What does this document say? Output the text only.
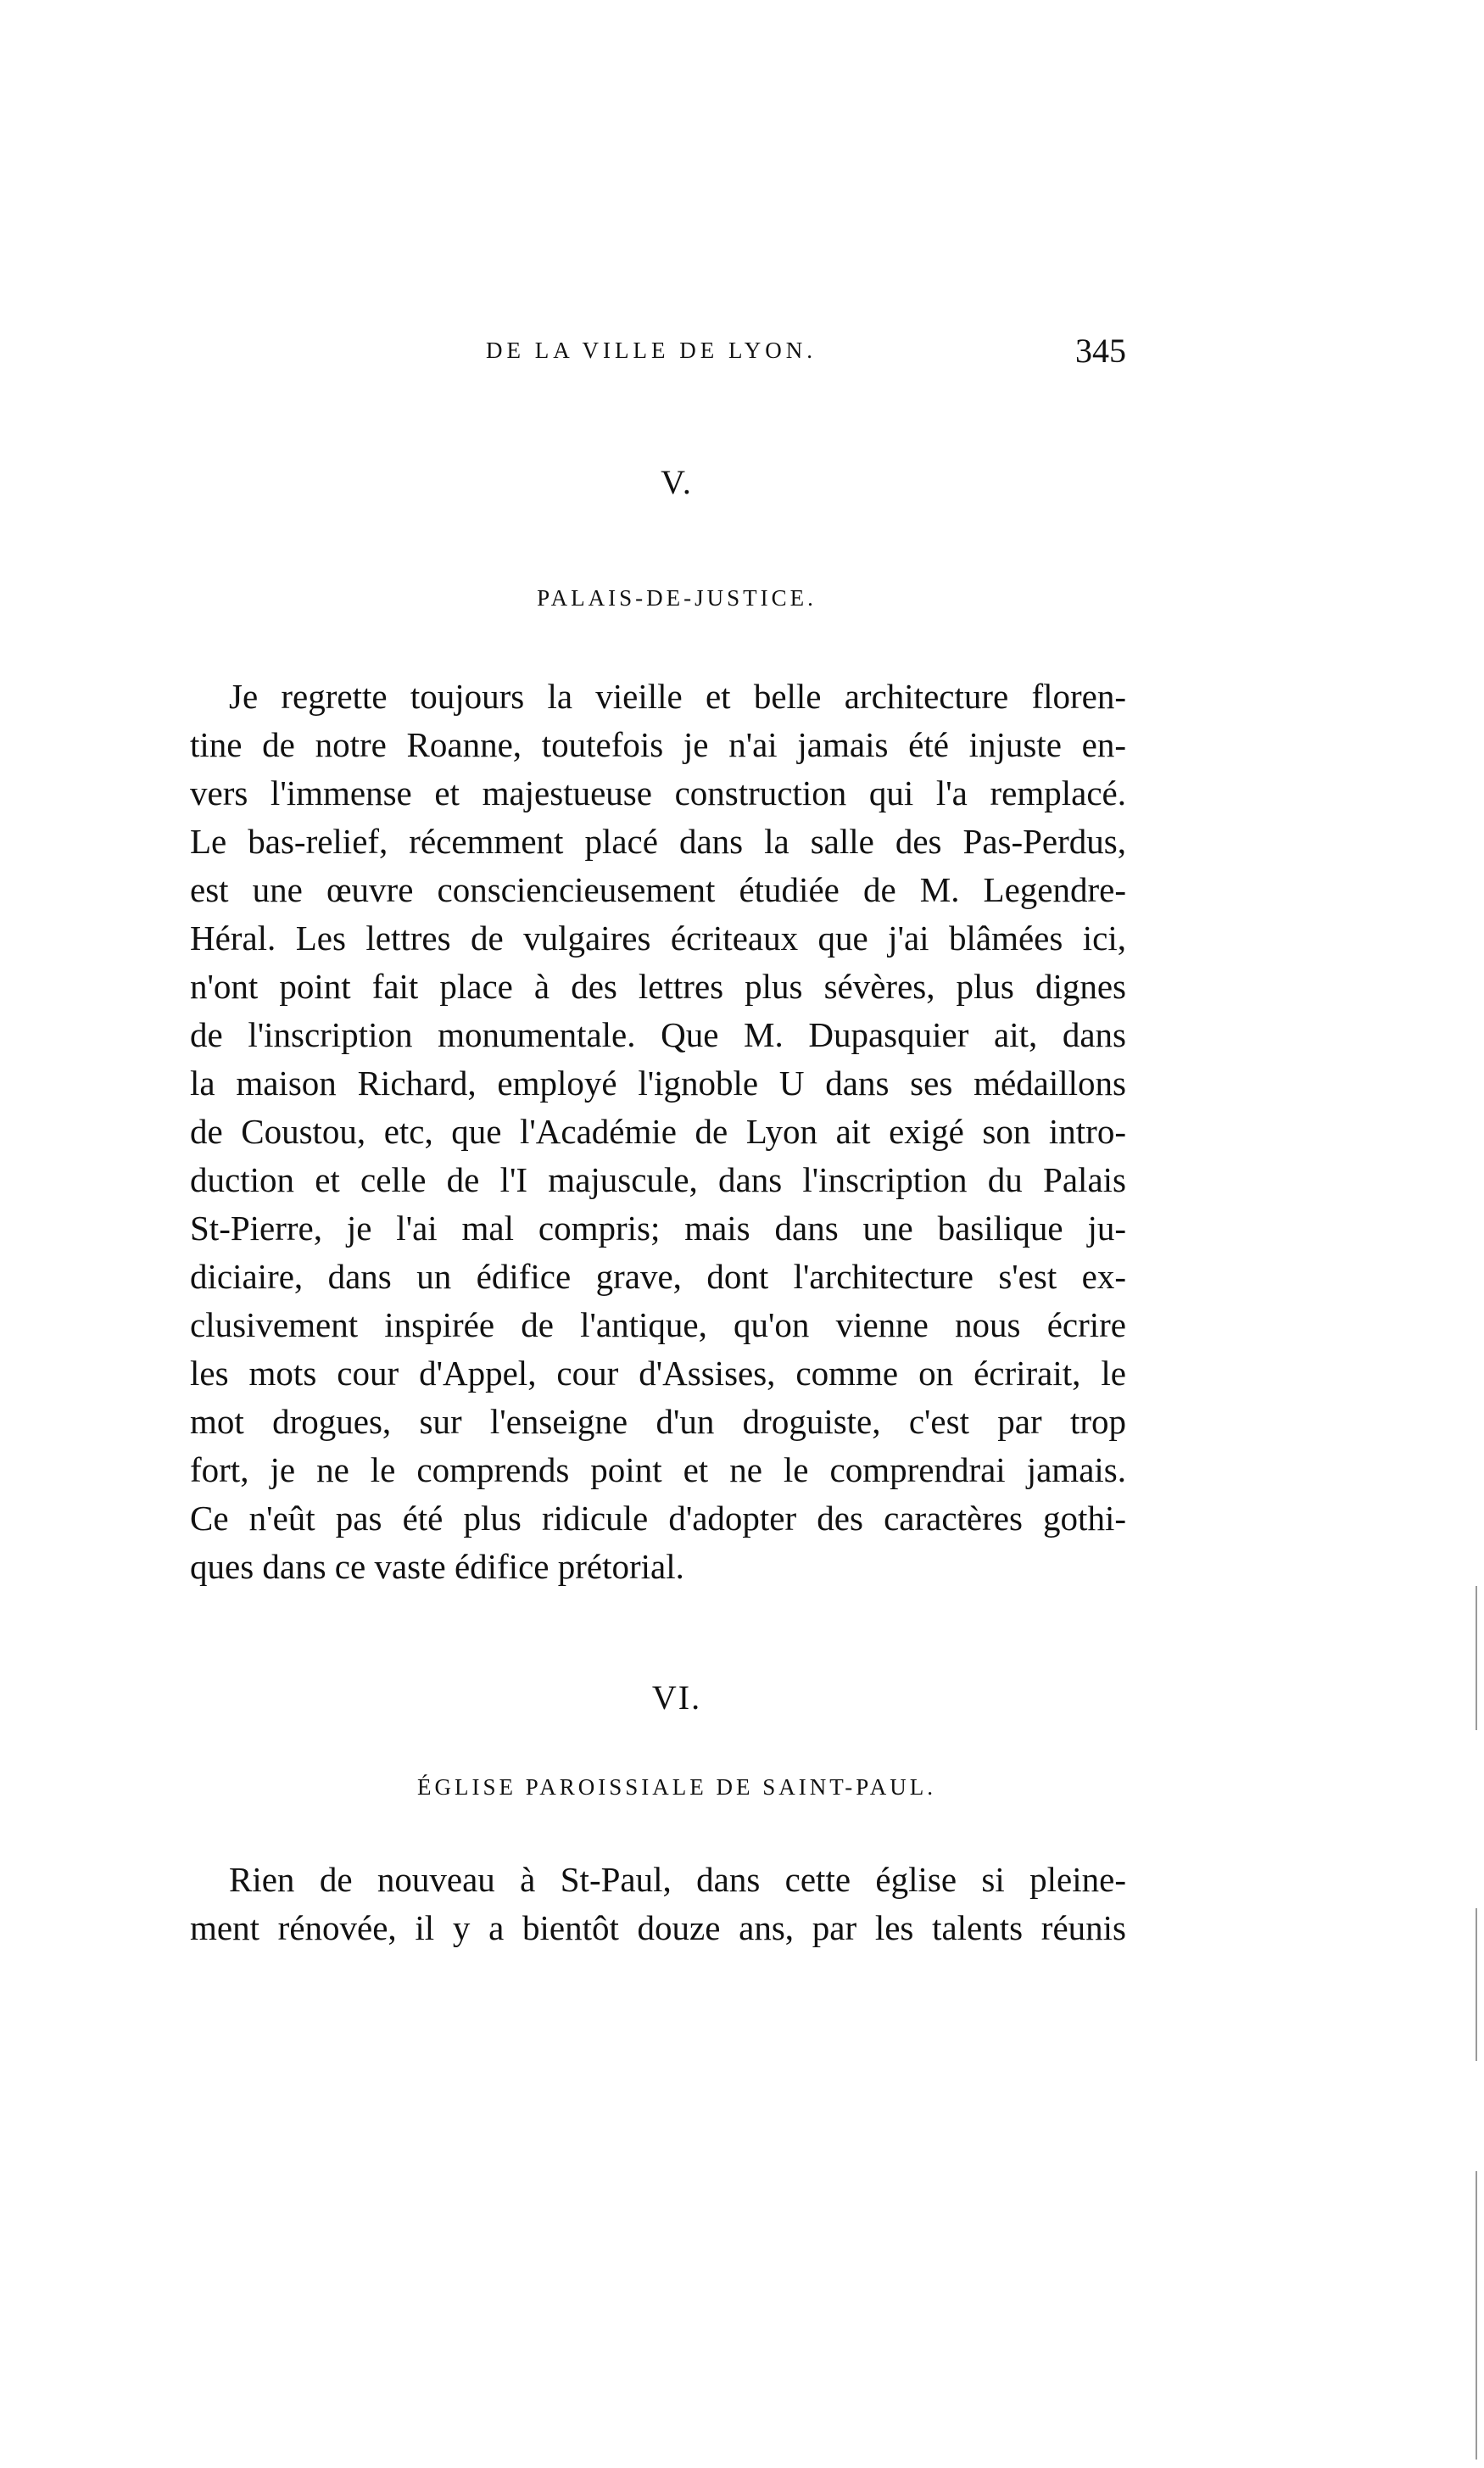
DE LA VILLE DE LYON.	345
V.
PALAIS-DE-JUSTICE.
Je regrette toujours la vieille et belle architecture floren-
tine de notre Roanne, toutefois je n'ai jamais été injuste en-
vers l'immense et majestueuse construction qui l'a remplacé.
Le bas-relief, récemment placé dans la salle des Pas-Perdus,
est une œuvre consciencieusement étudiée de M. Legendre-
Héral. Les lettres de vulgaires écriteaux que j'ai blâmées ici,
n'ont point fait place à des lettres plus sévères, plus dignes
de l'inscription monumentale. Que M. Dupasquier ait, dans
la maison Richard, employé l'ignoble U dans ses médaillons
de Coustou, etc, que l'Académie de Lyon ait exigé son intro-
duction et celle de l'I majuscule, dans l'inscription du Palais
St-Pierre, je l'ai mal compris; mais dans une basilique ju-
diciaire, dans un édifice grave, dont l'architecture s'est ex-
clusivement inspirée de l'antique, qu'on vienne nous écrire
les mots cour d'Appel, cour d'Assises, comme on écrirait, le
mot drogues, sur l'enseigne d'un droguiste, c'est par trop
fort, je ne le comprends point et ne le comprendrai jamais.
Ce n'eût pas été plus ridicule d'adopter des caractères gothi-
ques dans ce vaste édifice prétorial.
VI.
ÉGLISE PAROISSIALE DE SAINT-PAUL.
Rien de nouveau à St-Paul, dans cette église si pleine-
ment rénovée, il y a bientôt douze ans, par les talents réunis
